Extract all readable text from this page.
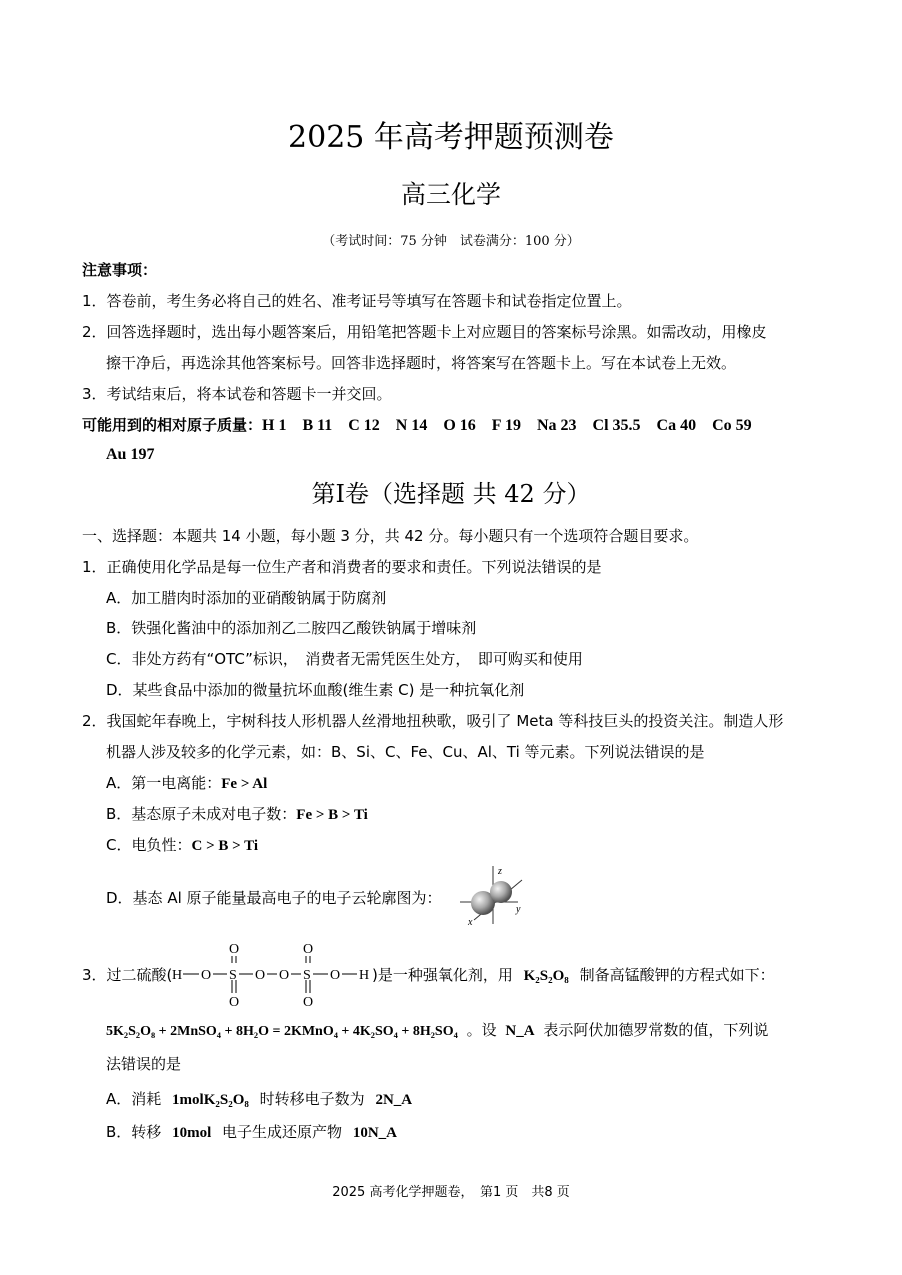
2025 年高考押题预测卷
高三化学
（考试时间：75 分钟　试卷满分：100 分）
注意事项：
1．答卷前，考生务必将自己的姓名、准考证号等填写在答题卡和试卷指定位置上。
2．回答选择题时，选出每小题答案后，用铅笔把答题卡上对应题目的答案标号涂黑。如需改动，用橡皮
擦干净后，再选涂其他答案标号。回答非选择题时，将答案写在答题卡上。写在本试卷上无效。
3．考试结束后，将本试卷和答题卡一并交回。
可能用到的相对原子质量：H 1　B 11　C 12　N 14　O 16　F 19　Na 23　Cl 35.5　Ca 40　Co 59
Au 197
第Ⅰ卷（选择题 共 42 分）
一、选择题：本题共 14 小题，每小题 3 分，共 42 分。每小题只有一个选项符合题目要求。
1．正确使用化学品是每一位生产者和消费者的要求和责任。下列说法错误的是
A．加工腊肉时添加的亚硝酸钠属于防腐剂
B．铁强化酱油中的添加剂乙二胺四乙酸铁钠属于增味剂
C．非处方药有“OTC”标识，　消费者无需凭医生处方，　即可购买和使用
D．某些食品中添加的微量抗坏血酸(维生素 C) 是一种抗氧化剂
2．我国蛇年春晚上，宇树科技人形机器人丝滑地扭秧歌，吸引了 Meta 等科技巨头的投资关注。制造人形
机器人涉及较多的化学元素，如：B、Si、C、Fe、Cu、Al、Ti 等元素。下列说法错误的是
A．第一电离能：Fe > Al
B．基态原子未成对电子数：Fe > B > Ti
C．电负性：C > B > Ti
D．基态 Al 原子能量最高电子的电子云轮廓图为：
z
y
x
3．过二硫酸( H O S
O
O
O O S
O
O
O H )是一种强氧化剂，用 K₂S₂O₈ 制备高锰酸钾的方程式如下：
5K₂S₂O₈ + 2MnSO₄ + 8H₂O = 2KMnO₄ + 4K₂SO₄ + 8H₂SO₄ 。设 N_A 表示阿伏加德罗常数的值，下列说
法错误的是
A．消耗 1molK₂S₂O₈ 时转移电子数为 2N_A
B．转移 10mol 电子生成还原产物 10N_A
2025 高考化学押题卷，　第1 页　共8 页
